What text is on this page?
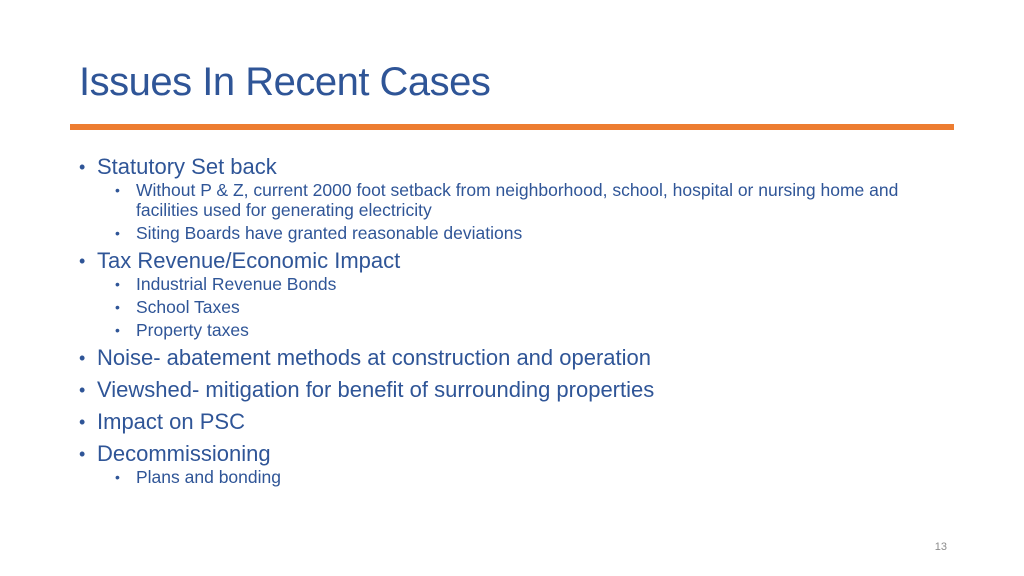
Issues In Recent Cases
• Statutory Set back
• Without P & Z, current 2000 foot setback from neighborhood, school, hospital or nursing home and facilities used for generating electricity
• Siting Boards have granted reasonable deviations
• Tax Revenue/Economic Impact
• Industrial Revenue Bonds
• School Taxes
• Property taxes
• Noise- abatement methods at construction and operation
• Viewshed- mitigation for benefit of surrounding properties
• Impact on PSC
• Decommissioning
• Plans and bonding
13
